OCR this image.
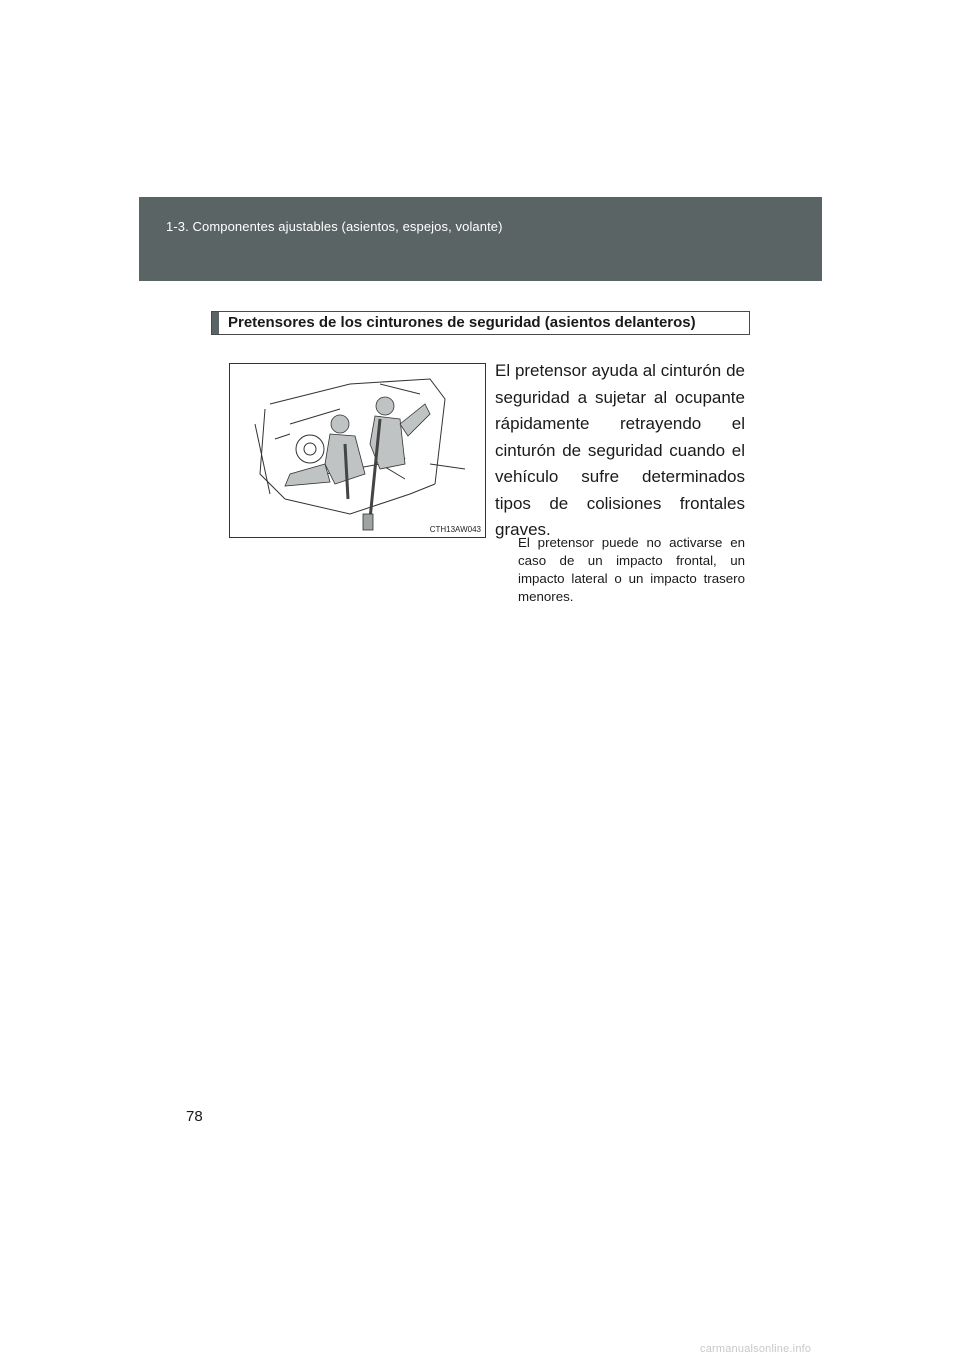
1-3. Componentes ajustables (asientos, espejos, volante)
Pretensores de los cinturones de seguridad (asientos delanteros)
CTH13AW043
El pretensor ayuda al cinturón de seguridad a sujetar al ocupante rápidamente retrayendo el cinturón de seguridad cuando el vehículo sufre determinados tipos de colisiones frontales graves.
El pretensor puede no activarse en caso de un impacto frontal, un impacto lateral o un impacto trasero menores.
78
carmanualsonline.info
